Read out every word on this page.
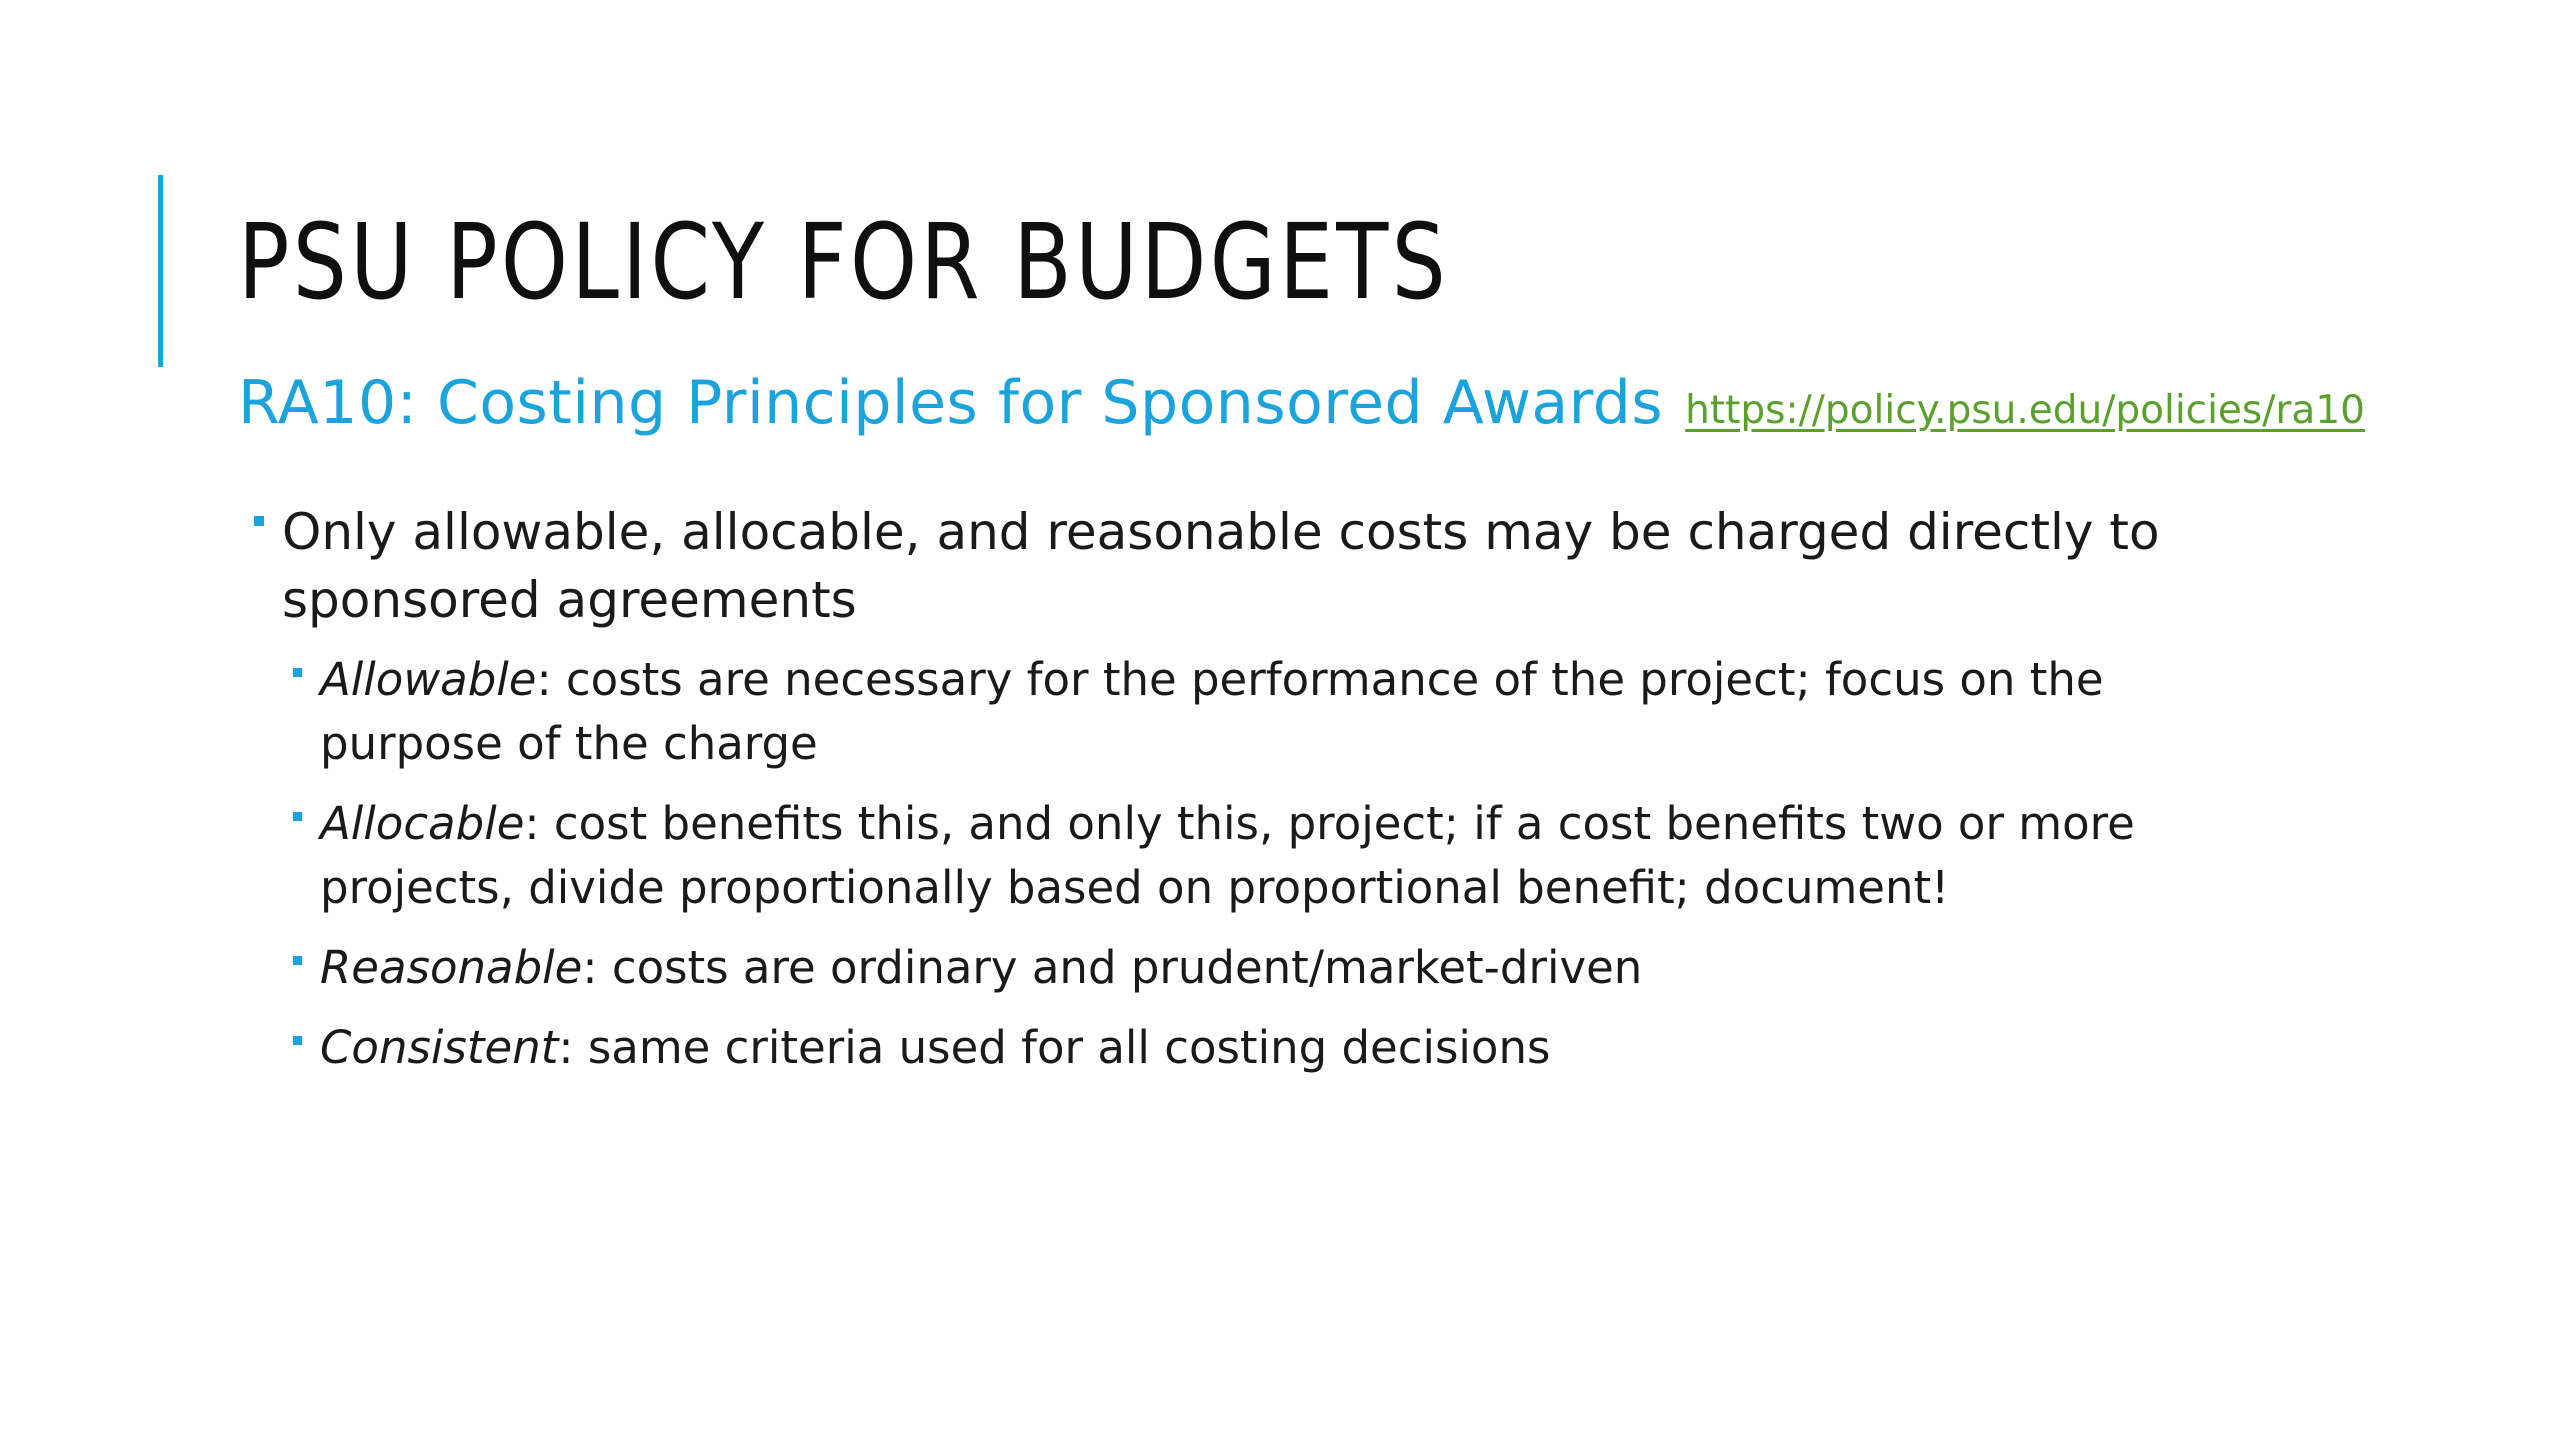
PSU POLICY FOR BUDGETS
RA10: Costing Principles for Sponsored Awards https://policy.psu.edu/policies/ra10
Only allowable, allocable, and reasonable costs may be charged directly to sponsored agreements
Allowable: costs are necessary for the performance of the project; focus on the purpose of the charge
Allocable: cost benefits this, and only this, project; if a cost benefits two or more projects, divide proportionally based on proportional benefit; document!
Reasonable: costs are ordinary and prudent/market-driven
Consistent: same criteria used for all costing decisions
